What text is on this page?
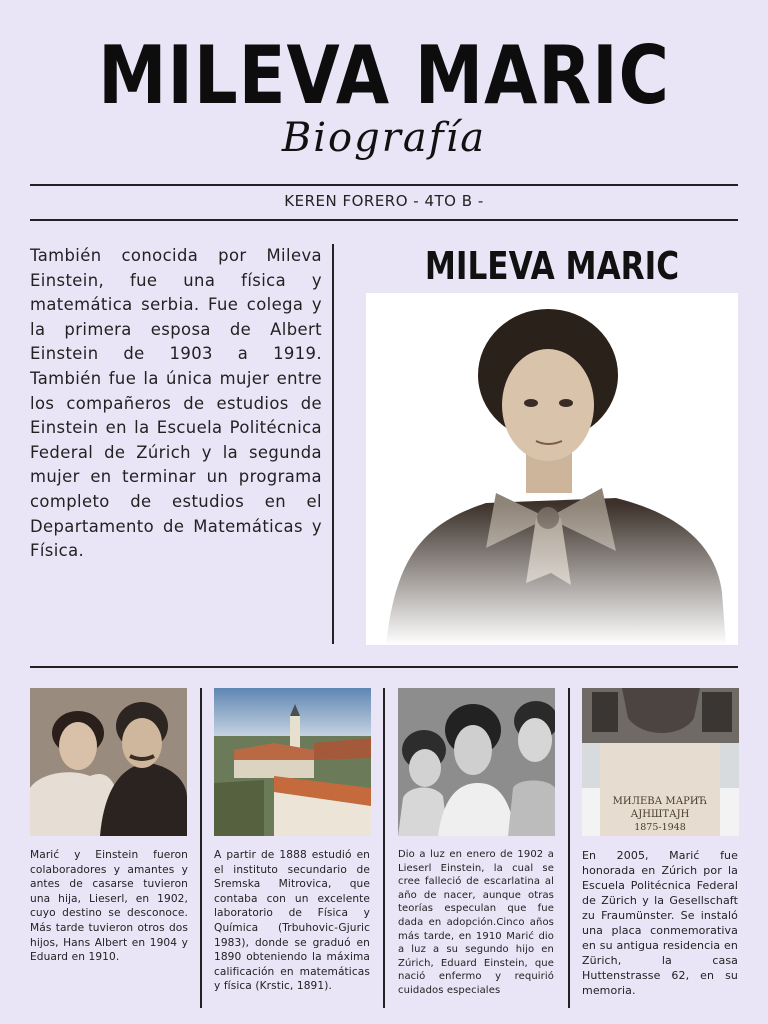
MILEVA MARIC
Biografía
KEREN FORERO - 4TO B -
También conocida por Mileva Einstein, fue una física y matemática serbia. Fue colega y la primera esposa de Albert Einstein de 1903 a 1919. También fue la única mujer entre los compañeros de estudios de Einstein en la Escuela Politécnica Federal de Zúrich y la segunda mujer en terminar un programa completo de estudios en el Departamento de Matemáticas y Física.
MILEVA MARIC
Marić y Einstein fueron colaboradores y amantes y antes de casarse tuvieron una hija, Lieserl, en 1902, cuyo destino se desconoce. Más tarde tuvieron otros dos hijos, Hans Albert en 1904 y Eduard en 1910.
A partir de 1888 estudió en el instituto secundario de Sremska Mitrovica, que contaba con un excelente laboratorio de Física y Química (Trbuhovic-Gjuric 1983), donde se graduó en 1890 obteniendo la máxima calificación en matemáticas y física (Krstic, 1891).
Dio a luz en enero de 1902 a Lieserl Einstein, la cual se cree falleció de escarlatina al año de nacer, aunque otras teorías especulan que fue dada en adopción.Cinco años más tarde, en 1910 Marić dio a luz a su segundo hijo en Zúrich, Eduard Einstein, que nació enfermo y requirió cuidados especiales
МИЛЕВА МАРИЋ
АЈНШТАЈН
1875-1948
En 2005, Marić fue honorada en Zúrich por la Escuela Politécnica Federal de Zürich y la Gesellschaft zu Fraumünster. Se instaló una placa conmemorativa en su antigua residencia en Zürich, la casa Huttenstrasse 62, en su memoria.
